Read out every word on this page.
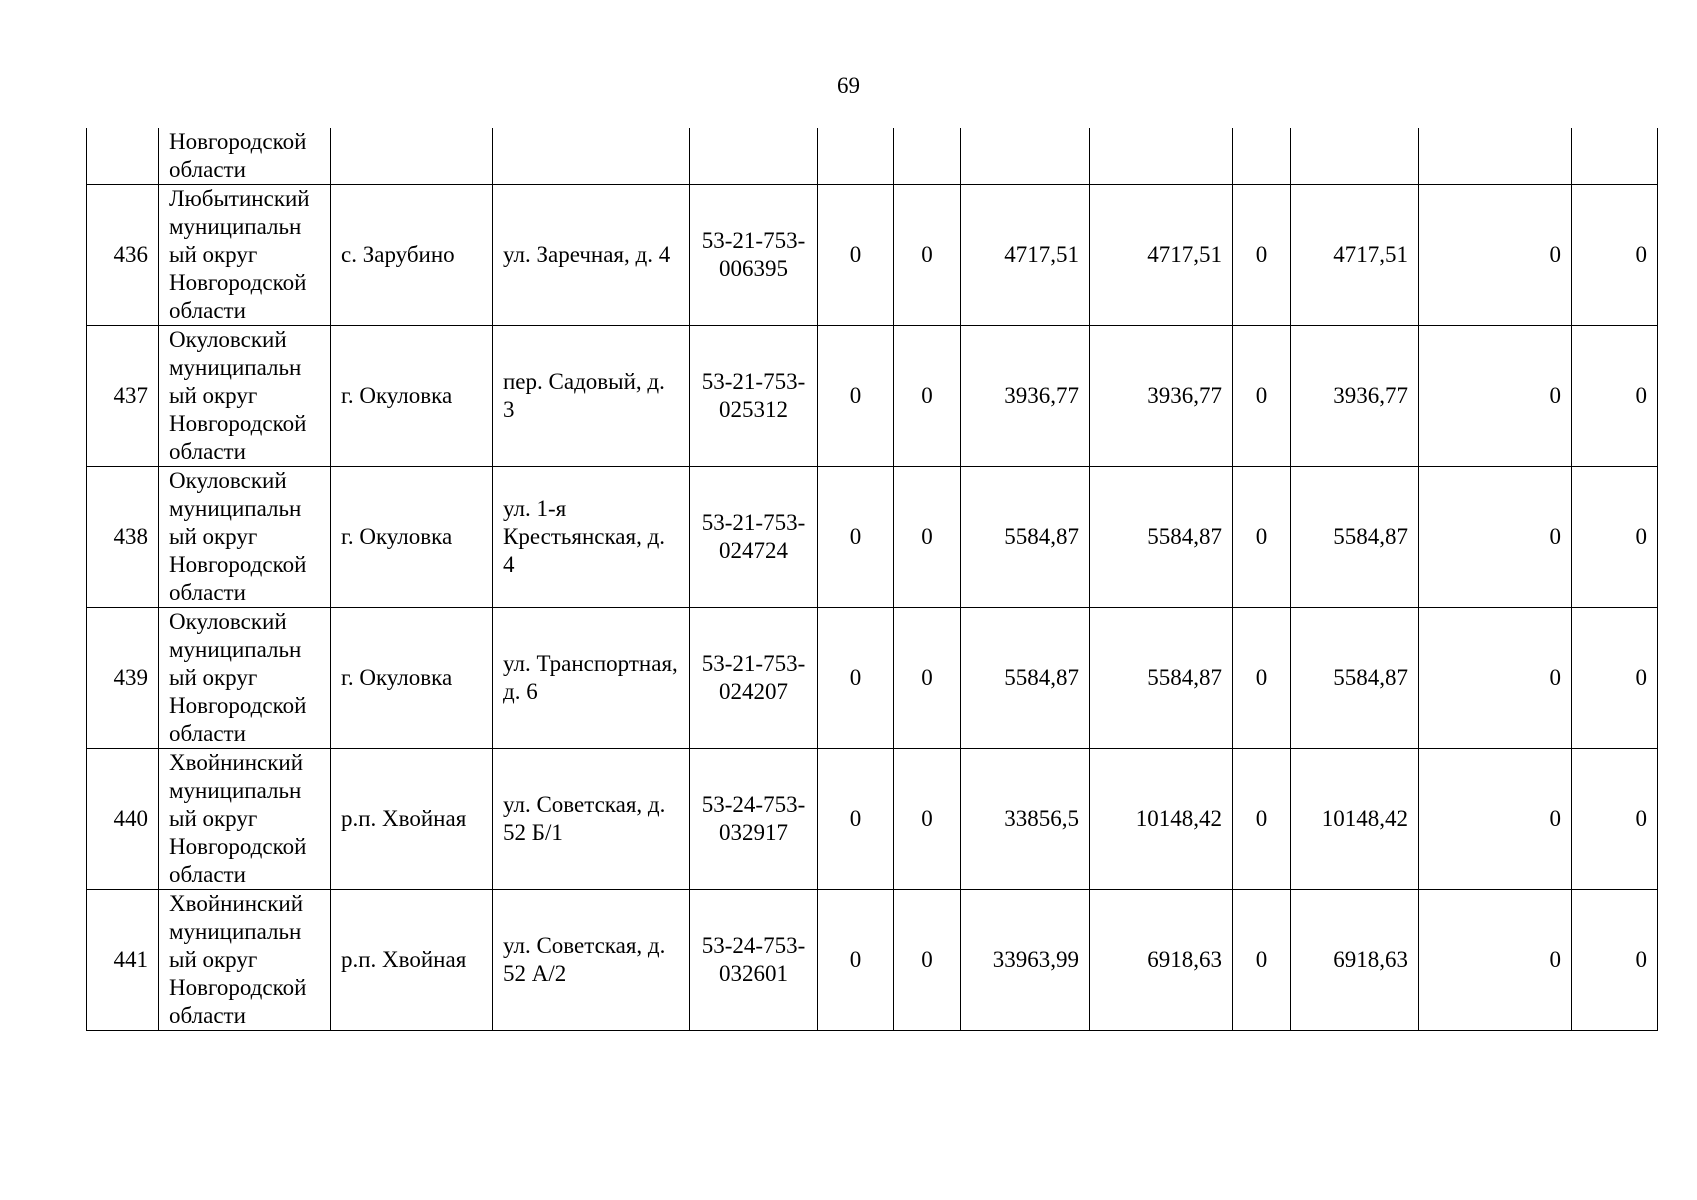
69
	Новгородской области											
436	Любытинский муниципальн ый округ Новгородской области	с. Зарубино	ул. Заречная, д. 4	53-21-753-006395	0	0	4717,51	4717,51	0	4717,51	0	0
437	Окуловский муниципальн ый округ Новгородской области	г. Окуловка	пер. Садовый, д. 3	53-21-753-025312	0	0	3936,77	3936,77	0	3936,77	0	0
438	Окуловский муниципальн ый округ Новгородской области	г. Окуловка	ул. 1-я Крестьянская, д. 4	53-21-753-024724	0	0	5584,87	5584,87	0	5584,87	0	0
439	Окуловский муниципальн ый округ Новгородской области	г. Окуловка	ул. Транспортная, д. 6	53-21-753-024207	0	0	5584,87	5584,87	0	5584,87	0	0
440	Хвойнинский муниципальн ый округ Новгородской области	р.п. Хвойная	ул. Советская, д. 52 Б/1	53-24-753-032917	0	0	33856,5	10148,42	0	10148,42	0	0
441	Хвойнинский муниципальн ый округ Новгородской области	р.п. Хвойная	ул. Советская, д. 52 А/2	53-24-753-032601	0	0	33963,99	6918,63	0	6918,63	0	0
